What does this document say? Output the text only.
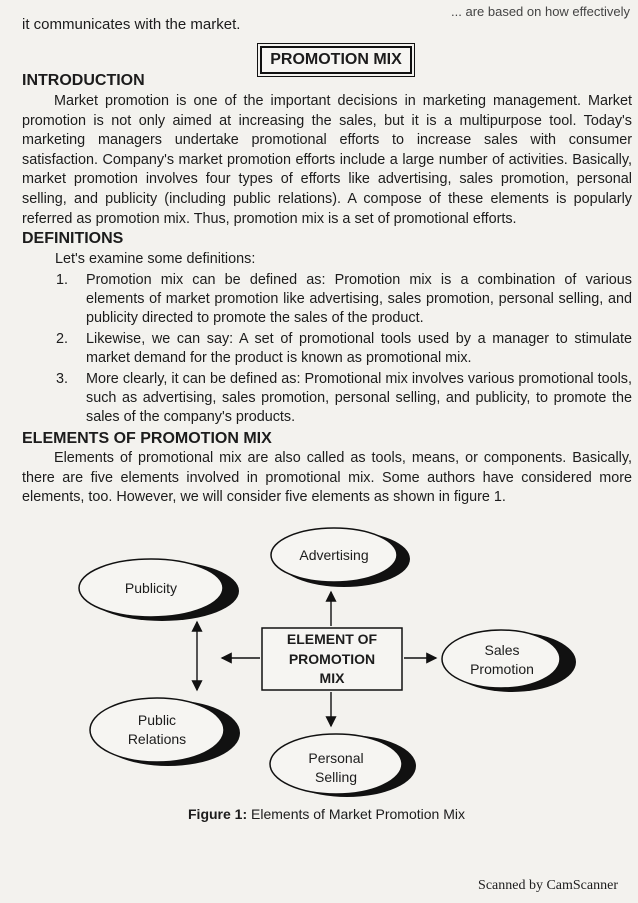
it communicates with the market.
... are based on how effectively
PROMOTION MIX
INTRODUCTION

Market promotion is one of the important decisions in marketing management. Market promotion is not only aimed at increasing the sales, but it is a multipurpose tool. Today's marketing managers undertake promotional efforts to increase sales with consumer satisfaction. Company's market promotion efforts include a large number of activities. Basically, market promotion involves four types of efforts like advertising, sales promotion, personal selling, and publicity (including public relations). A compose of these elements is popularly referred as promotion mix. Thus, promotion mix is a set of promotional efforts.

DEFINITIONS
Let's examine some definitions:
1. Promotion mix can be defined as: Promotion mix is a combination of various elements of market promotion like advertising, sales promotion, personal selling, and publicity directed to promote the sales of the product.
2. Likewise, we can say: A set of promotional tools used by a manager to stimulate market demand for the product is known as promotional mix.
3. More clearly, it can be defined as: Promotional mix involves various promotional tools, such as advertising, sales promotion, personal selling, and publicity, to promote the sales of the company's products.
ELEMENTS OF PROMOTION MIX

Elements of promotional mix are also called as tools, means, or components. Basically, there are five elements involved in promotional mix. Some authors have considered more elements, too. However, we will consider five elements as shown in figure 1.

Advertising
Publicity
ELEMENT OF
PROMOTION
MIX
Sales
Promotion
Public
Relations
Personal
Selling
Figure 1: Elements of Market Promotion Mix
Scanned by CamScanner
